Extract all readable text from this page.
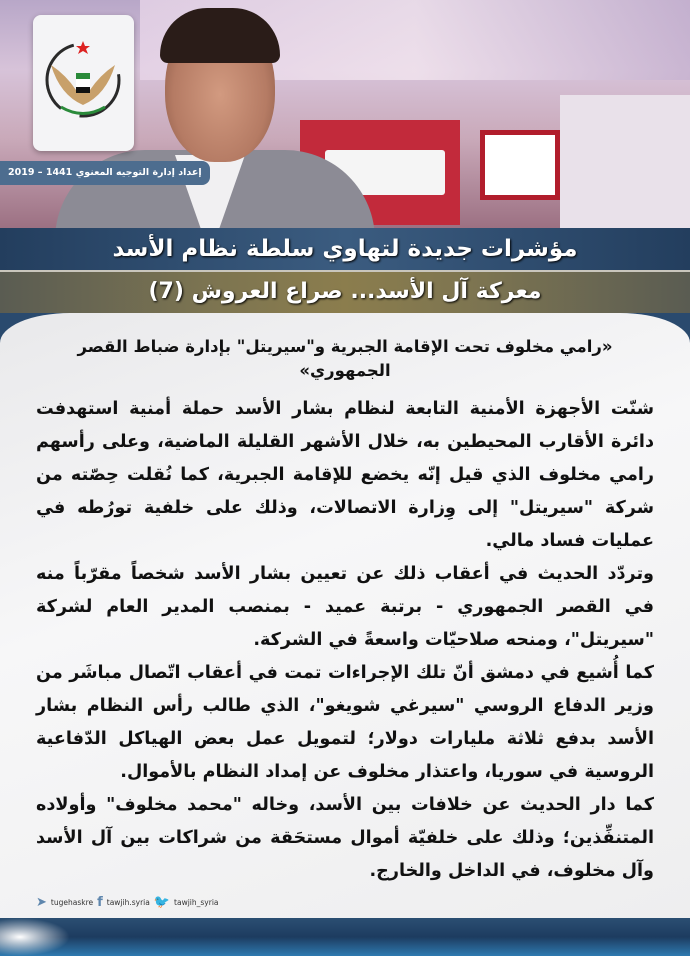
إعداد إدارة التوجيه المعنوي 1441 – 2019
مؤشرات جديدة لتهاوي سلطة نظام الأسد
معركة آل الأسد... صراع العروش (7)
«رامي مخلوف تحت الإقامة الجبرية و"سيريتل" بإدارة ضباط القصر الجمهوري»

شنّت الأجهزة الأمنية التابعة لنظام بشار الأسد حملة أمنية استهدفت دائرة الأقارب المحيطين به، خلال الأشهر القليلة الماضية، وعلى رأسهم رامي مخلوف الذي قيل إنّه يخضع للإقامة الجبرية، كما نُقلت حِصّته من شركة "سيريتل" إلى وِزارة الاتصالات، وذلك على خلفية تورُطه في عمليات فساد مالي.

وتردّد الحديث في أعقاب ذلك عن تعيين بشار الأسد شخصاً مقرّباً منه في القصر الجمهوري - برتبة عميد - بمنصب المدير العام لشركة "سيريتل"، ومنحه صلاحيّات واسعةً في الشركة.

كما أُشيع في دمشق أنّ تلك الإجراءات تمت في أعقاب اتّصال مباشَر من وزير الدفاع الروسي "سيرغي شويغو"، الذي طالب رأس النظام بشار الأسد بدفع ثلاثة مليارات دولار؛ لتمويل عمل بعض الهياكل الدّفاعية الروسية في سوريا، واعتذار مخلوف عن إمداد النظام بالأموال.

كما دار الحديث عن خلافات بين الأسد، وخاله "محمد مخلوف" وأولاده المتنفِّذين؛ وذلك على خلفيّة أموال مستحَقة من شراكات بين آل الأسد وآل مخلوف، في الداخل والخارج.

➤ tugehaskre f tawjih.syria 🐦 tawjih_syria
